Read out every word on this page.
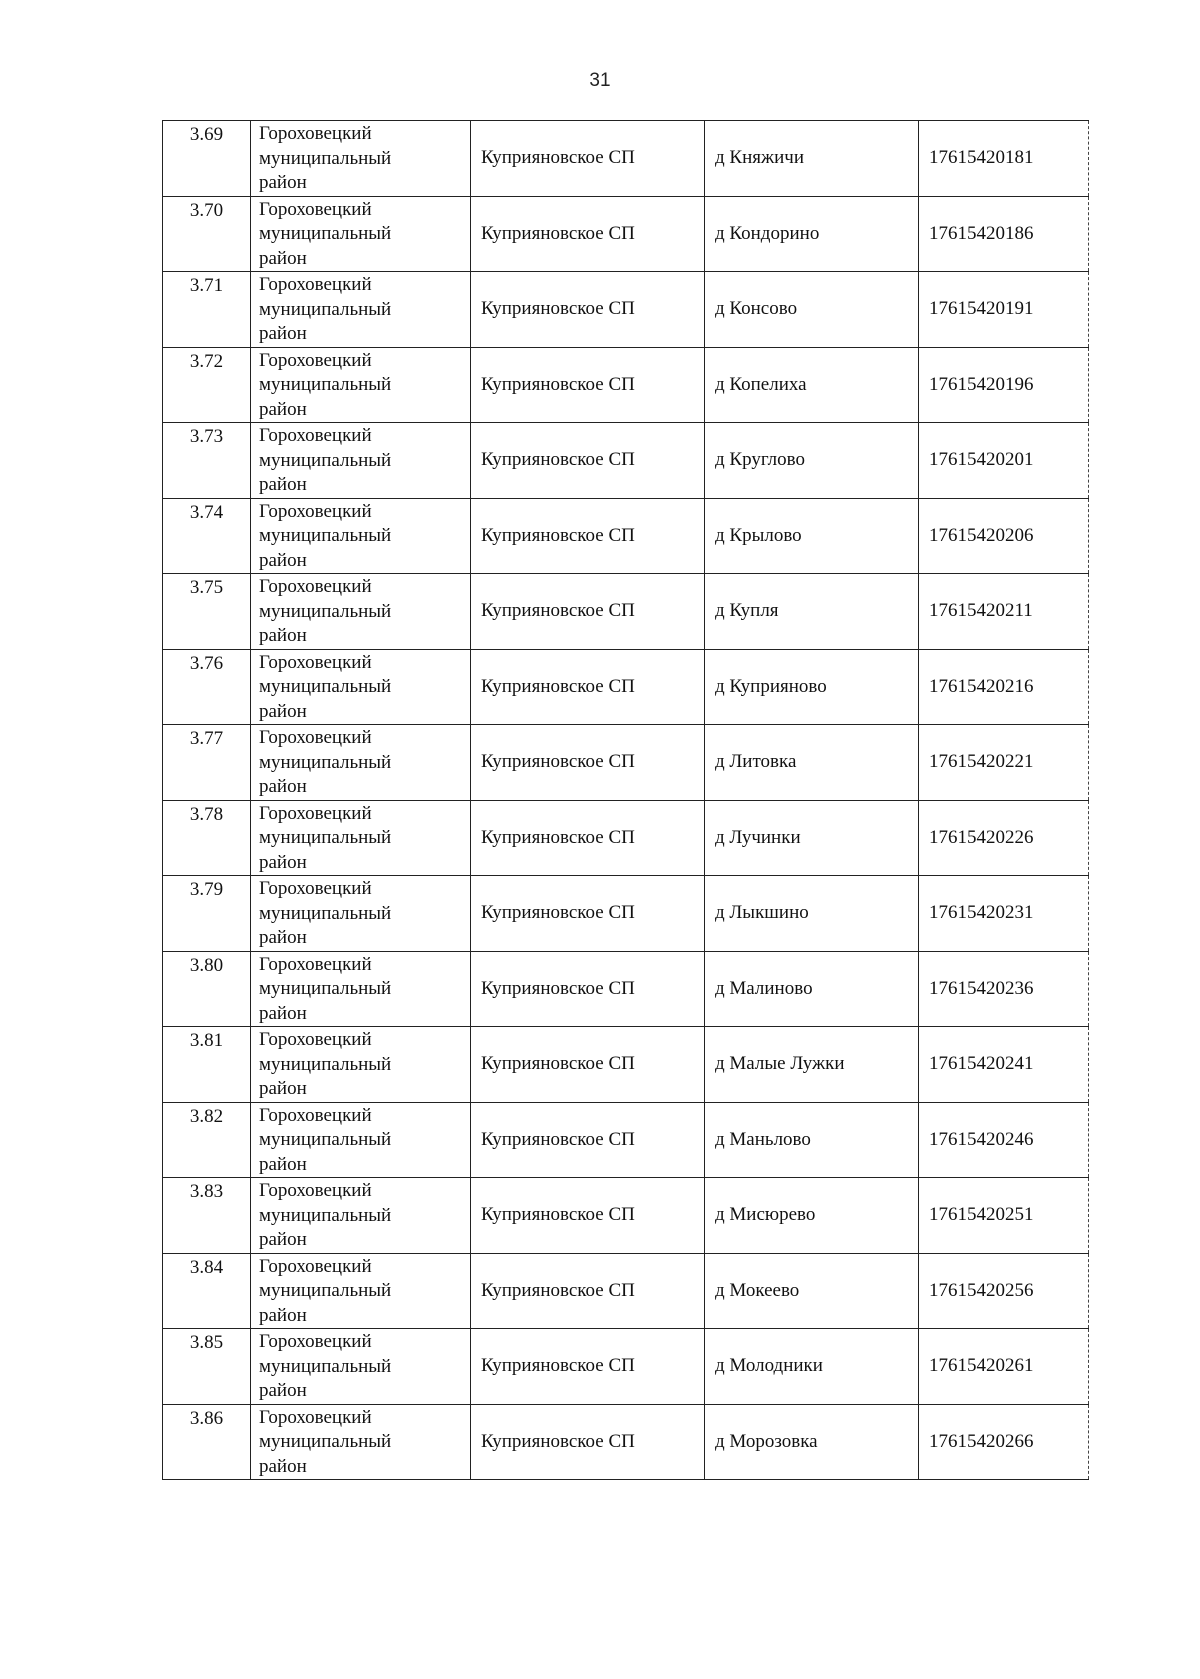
31
3.69	Гороховецкий
муниципальный
район	Куприяновское СП	д Княжичи	17615420181
3.70	Гороховецкий
муниципальный
район	Куприяновское СП	д Кондорино	17615420186
3.71	Гороховецкий
муниципальный
район	Куприяновское СП	д Консово	17615420191
3.72	Гороховецкий
муниципальный
район	Куприяновское СП	д Копелиха	17615420196
3.73	Гороховецкий
муниципальный
район	Куприяновское СП	д Круглово	17615420201
3.74	Гороховецкий
муниципальный
район	Куприяновское СП	д Крылово	17615420206
3.75	Гороховецкий
муниципальный
район	Куприяновское СП	д Купля	17615420211
3.76	Гороховецкий
муниципальный
район	Куприяновское СП	д Куприяново	17615420216
3.77	Гороховецкий
муниципальный
район	Куприяновское СП	д Литовка	17615420221
3.78	Гороховецкий
муниципальный
район	Куприяновское СП	д Лучинки	17615420226
3.79	Гороховецкий
муниципальный
район	Куприяновское СП	д Лыкшино	17615420231
3.80	Гороховецкий
муниципальный
район	Куприяновское СП	д Малиново	17615420236
3.81	Гороховецкий
муниципальный
район	Куприяновское СП	д Малые Лужки	17615420241
3.82	Гороховецкий
муниципальный
район	Куприяновское СП	д Маньлово	17615420246
3.83	Гороховецкий
муниципальный
район	Куприяновское СП	д Мисюрево	17615420251
3.84	Гороховецкий
муниципальный
район	Куприяновское СП	д Мокеево	17615420256
3.85	Гороховецкий
муниципальный
район	Куприяновское СП	д Молодники	17615420261
3.86	Гороховецкий
муниципальный
район	Куприяновское СП	д Морозовка	17615420266
